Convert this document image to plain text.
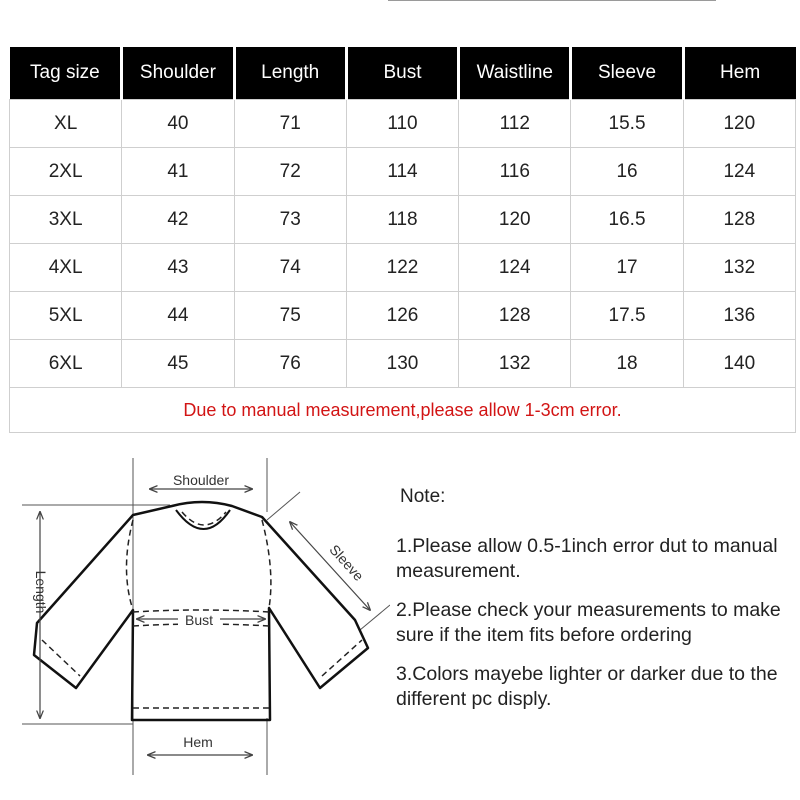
Tag size	Shoulder	Length	Bust	Waistline	Sleeve	Hem
XL	40	71	110	112	15.5	120
2XL	41	72	114	116	16	124
3XL	42	73	118	120	16.5	128
4XL	43	74	122	124	17	132
5XL	44	75	126	128	17.5	136
6XL	45	76	130	132	18	140
Due to manual measurement,please allow 1-3cm error.						
Shoulder
Length
Sleeve
Bust
Hem
Note:
1.Please allow 0.5-1inch error dut to manual measurement.
2.Please check your measurements to make sure if the item fits before ordering
3.Colors mayebe lighter or darker due to the different pc disply.
